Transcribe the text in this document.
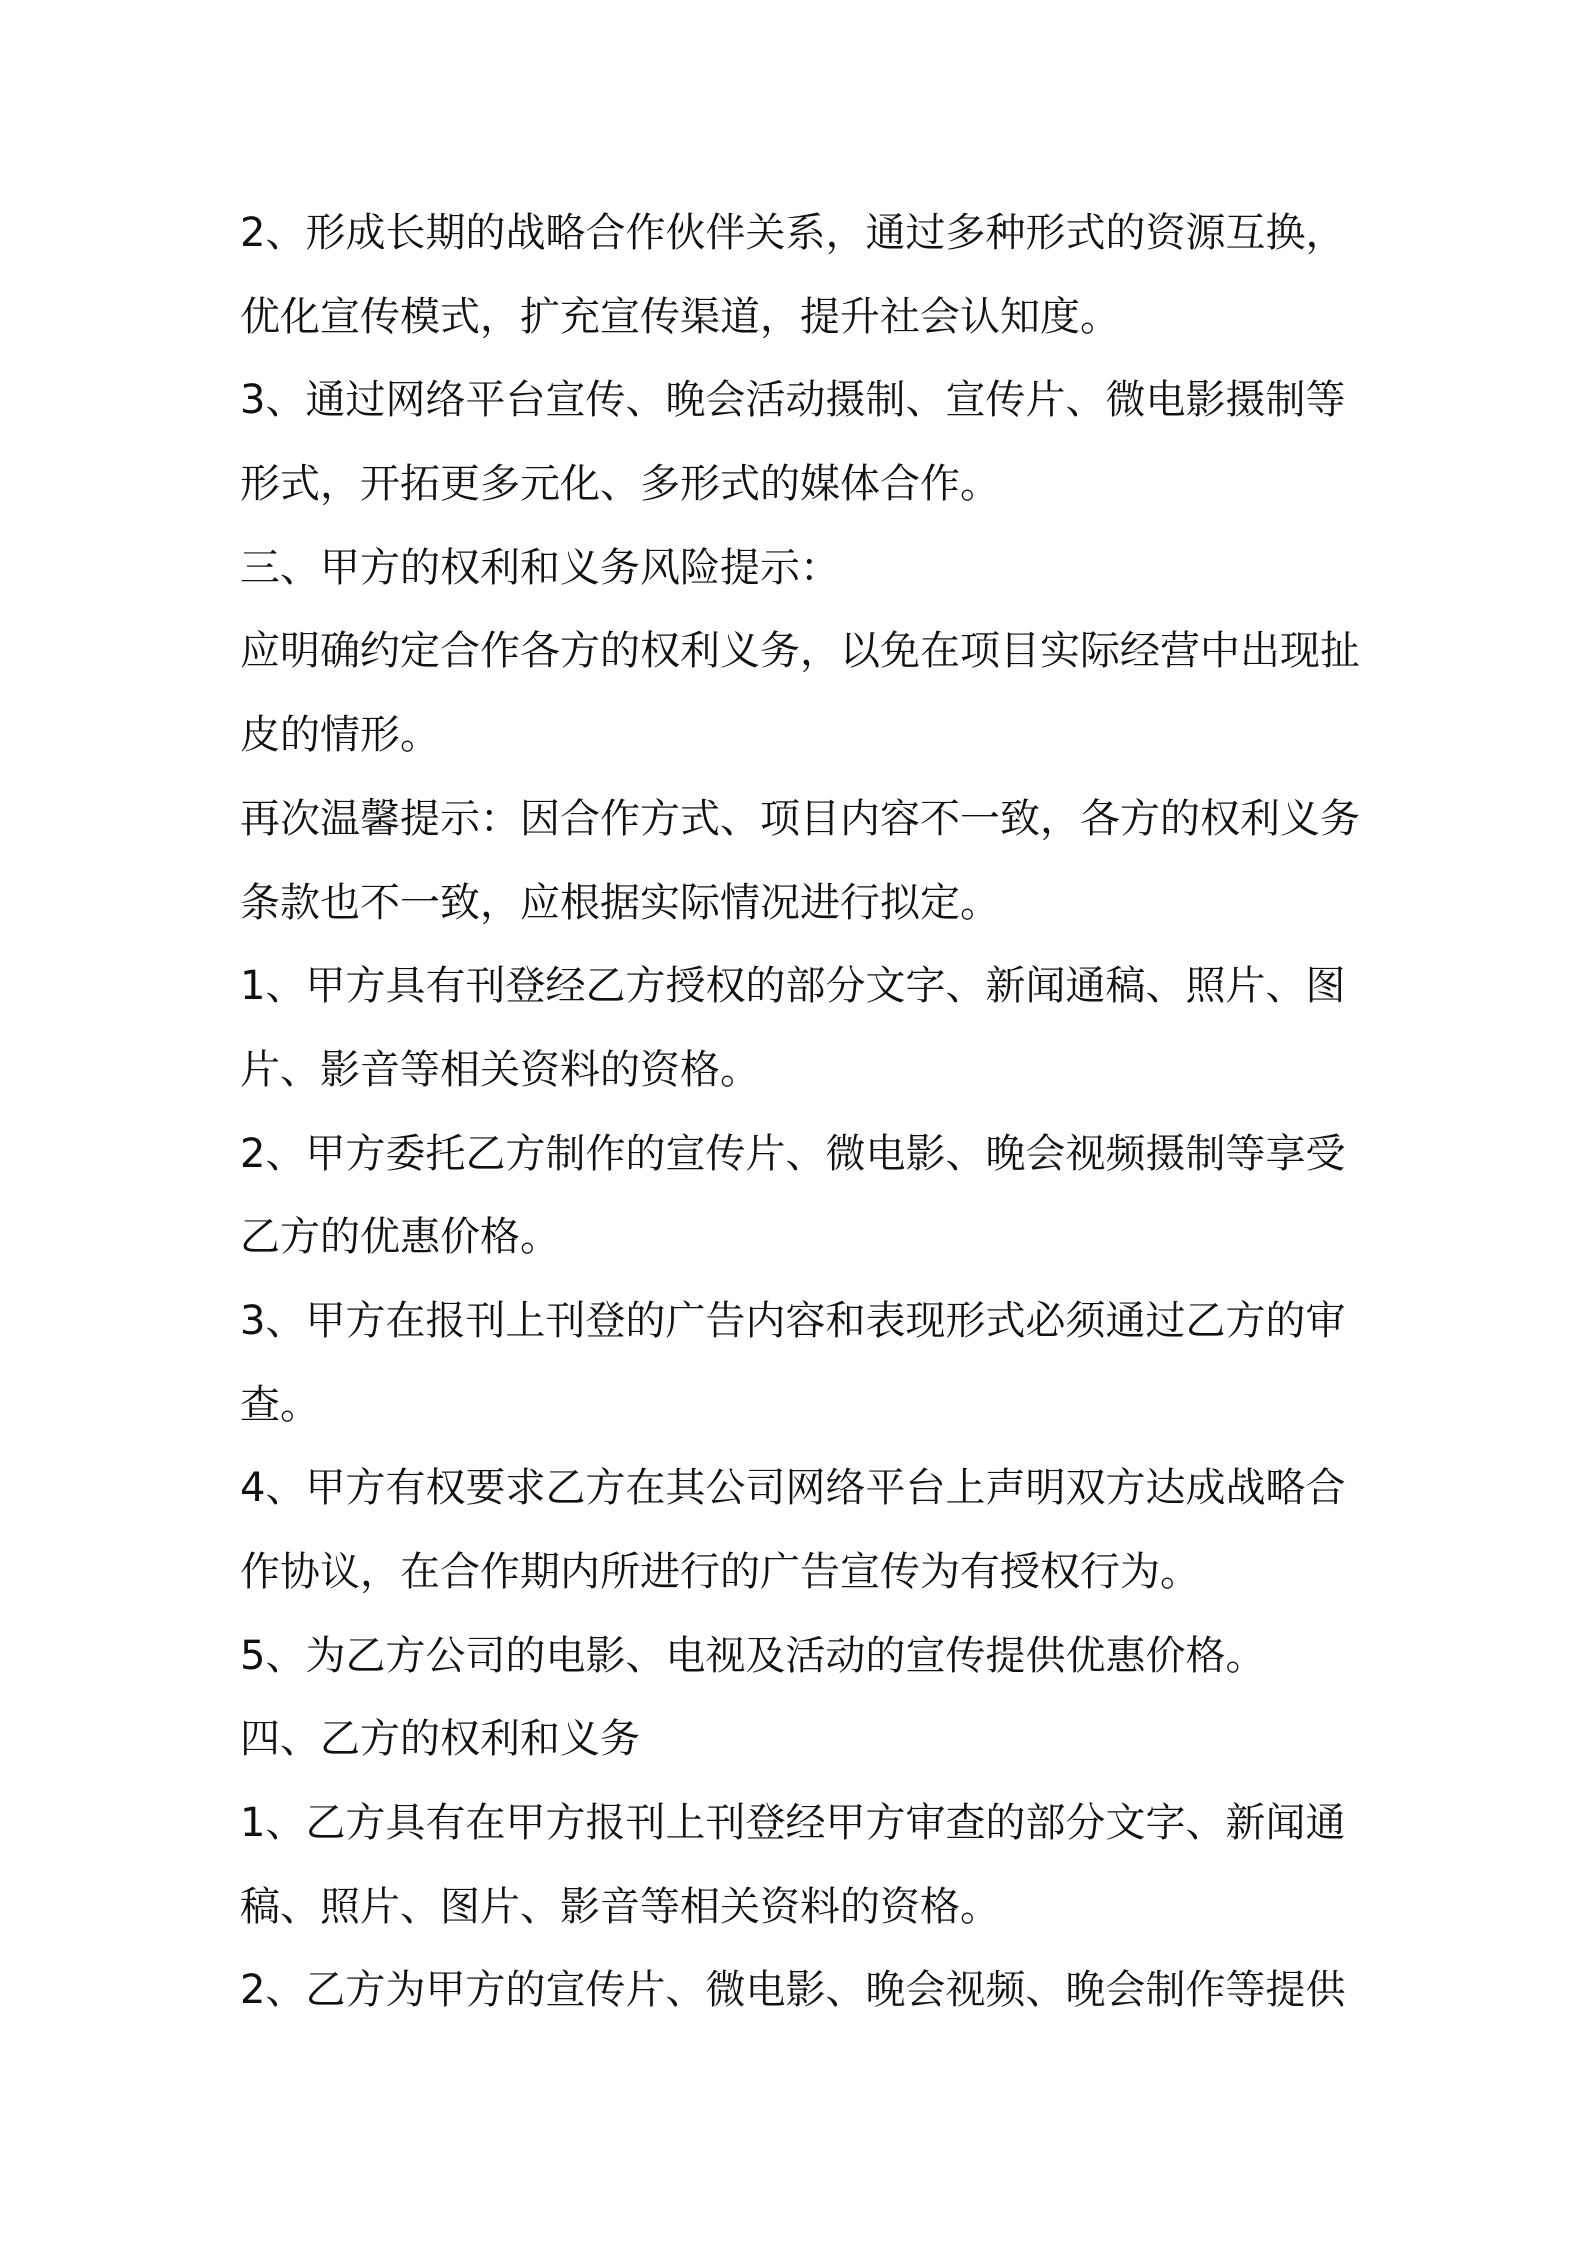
2、形成长期的战略合作伙伴关系，通过多种形式的资源互换，
优化宣传模式，扩充宣传渠道，提升社会认知度。
3、通过网络平台宣传、晚会活动摄制、宣传片、微电影摄制等
形式，开拓更多元化、多形式的媒体合作。
三、甲方的权利和义务风险提示：
应明确约定合作各方的权利义务，以免在项目实际经营中出现扯
皮的情形。
再次温馨提示：因合作方式、项目内容不一致，各方的权利义务
条款也不一致，应根据实际情况进行拟定。
1、甲方具有刊登经乙方授权的部分文字、新闻通稿、照片、图
片、影音等相关资料的资格。
2、甲方委托乙方制作的宣传片、微电影、晚会视频摄制等享受
乙方的优惠价格。
3、甲方在报刊上刊登的广告内容和表现形式必须通过乙方的审
查。
4、甲方有权要求乙方在其公司网络平台上声明双方达成战略合
作协议，在合作期内所进行的广告宣传为有授权行为。
5、为乙方公司的电影、电视及活动的宣传提供优惠价格。
四、乙方的权利和义务
1、乙方具有在甲方报刊上刊登经甲方审查的部分文字、新闻通
稿、照片、图片、影音等相关资料的资格。
2、乙方为甲方的宣传片、微电影、晚会视频、晚会制作等提供
